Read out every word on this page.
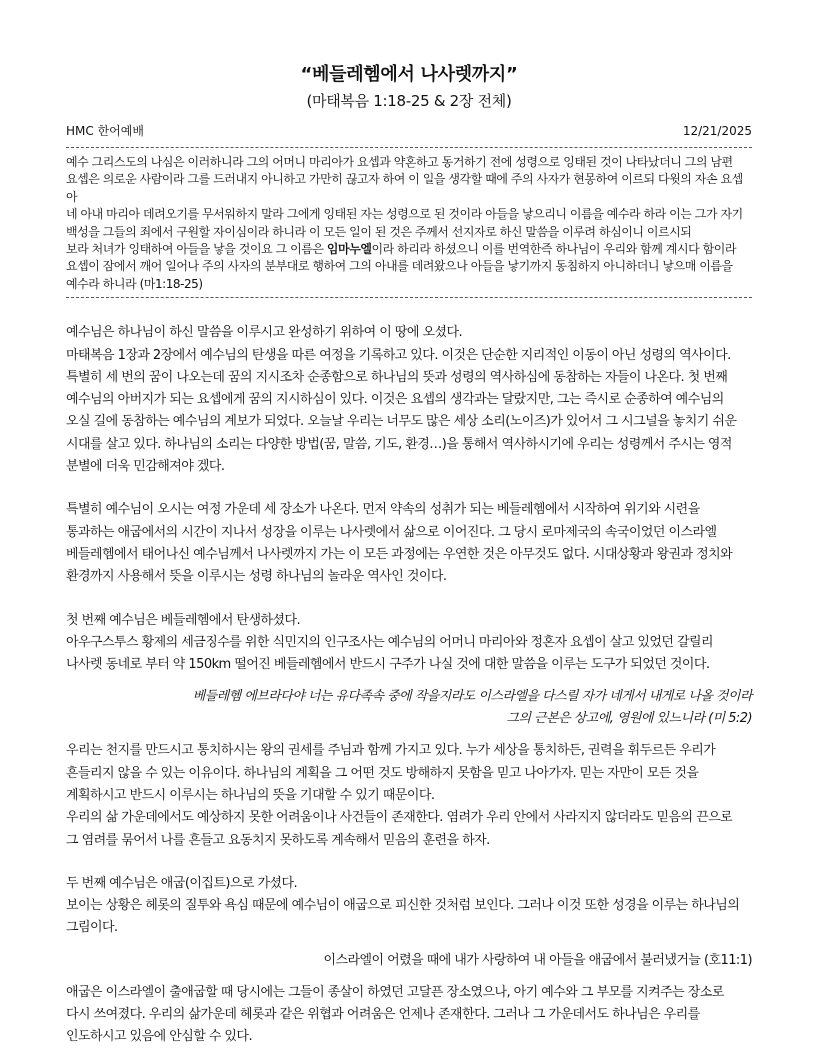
“베들레헴에서 나사렛까지”
(마태복음 1:18-25 & 2장 전체)
HMC 한어예배	12/21/2025
예수 그리스도의 나심은 이러하니라 그의 어머니 마리아가 요셉과 약혼하고 동거하기 전에 성령으로 잉태된 것이 나타났더니 그의 남편
요셉은 의로운 사람이라 그를 드러내지 아니하고 가만히 끊고자 하여 이 일을 생각할 때에 주의 사자가 현몽하여 이르되 다윗의 자손 요셉아
네 아내 마리아 데려오기를 무서워하지 말라 그에게 잉태된 자는 성령으로 된 것이라 아들을 낳으리니 이름을 예수라 하라 이는 그가 자기
백성을 그들의 죄에서 구원할 자이심이라 하니라 이 모든 일이 된 것은 주께서 선지자로 하신 말씀을 이루려 하심이니 이르시되
보라 처녀가 잉태하여 아들을 낳을 것이요 그 이름은 임마누엘이라 하리라 하셨으니 이를 번역한즉 하나님이 우리와 함께 계시다 함이라
요셉이 잠에서 깨어 일어나 주의 사자의 분부대로 행하여 그의 아내를 데려왔으나 아들을 낳기까지 동침하지 아니하더니 낳으매 이름을
예수라 하니라 (마1:18-25)
예수님은 하나님이 하신 말씀을 이루시고 완성하기 위하여 이 땅에 오셨다.
마태복음 1장과 2장에서 예수님의 탄생을 따른 여정을 기록하고 있다. 이것은 단순한 지리적인 이동이 아닌 성령의 역사이다.
특별히 세 번의 꿈이 나오는데 꿈의 지시조차 순종함으로 하나님의 뜻과 성령의 역사하심에 동참하는 자들이 나온다. 첫 번째
예수님의 아버지가 되는 요셉에게 꿈의 지시하심이 있다. 이것은 요셉의 생각과는 달랐지만, 그는 즉시로 순종하여 예수님의
오실 길에 동참하는 예수님의 계보가 되었다. 오늘날 우리는 너무도 많은 세상 소리(노이즈)가 있어서 그 시그널을 놓치기 쉬운
시대를 살고 있다. 하나님의 소리는 다양한 방법(꿈, 말씀, 기도, 환경…)을 통해서 역사하시기에 우리는 성령께서 주시는 영적
분별에 더욱 민감해져야 겠다.
특별히 예수님이 오시는 여정 가운데 세 장소가 나온다. 먼저 약속의 성취가 되는 베들레헴에서 시작하여 위기와 시련을
통과하는 애굽에서의 시간이 지나서 성장을 이루는 나사렛에서 삶으로 이어진다. 그 당시 로마제국의 속국이었던 이스라엘
베들레헴에서 태어나신 예수님께서 나사렛까지 가는 이 모든 과정에는 우연한 것은 아무것도 없다. 시대상황과 왕권과 정치와
환경까지 사용해서 뜻을 이루시는 성령 하나님의 놀라운 역사인 것이다.
첫 번째 예수님은 베들레헴에서 탄생하셨다.
아우구스투스 황제의 세금징수를 위한 식민지의 인구조사는 예수님의 어머니 마리아와 정혼자 요셉이 살고 있었던 갈릴리
나사렛 동네로 부터 약 150km 떨어진 베들레헴에서 반드시 구주가 나실 것에 대한 말씀을 이루는 도구가 되었던 것이다.
베들레헴 에브라다야 너는 유다족속 중에 작을지라도 이스라엘을 다스릴 자가 네게서 내게로 나올 것이라
그의 근본은 상고에, 영원에 있느니라 (미 5:2)
우리는 천지를 만드시고 통치하시는 왕의 권세를 주님과 함께 가지고 있다. 누가 세상을 통치하든, 권력을 휘두르든 우리가
흔들리지 않을 수 있는 이유이다. 하나님의 계획을 그 어떤 것도 방해하지 못함을 믿고 나아가자. 믿는 자만이 모든 것을
계획하시고 반드시 이루시는 하나님의 뜻을 기대할 수 있기 때문이다.
우리의 삶 가운데에서도 예상하지 못한 어려움이나 사건들이 존재한다. 염려가 우리 안에서 사라지지 않더라도 믿음의 끈으로
그 염려를 묶어서 나를 흔들고 요동치지 못하도록 계속해서 믿음의 훈련을 하자.
두 번째 예수님은 애굽(이집트)으로 가셨다.
보이는 상황은 헤롯의 질투와 욕심 때문에 예수님이 애굽으로 피신한 것처럼 보인다. 그러나 이것 또한 성경을 이루는 하나님의
그림이다.
이스라엘이 어렸을 때에 내가 사랑하여 내 아들을 애굽에서 불러냈거늘 (호11:1)
애굽은 이스라엘이 출애굽할 때 당시에는 그들이 종살이 하였던 고달픈 장소였으나, 아기 예수와 그 부모를 지켜주는 장소로
다시 쓰여졌다. 우리의 삶가운데 헤롯과 같은 위협과 어려움은 언제나 존재한다. 그러나 그 가운데서도 하나님은 우리를
인도하시고 있음에 안심할 수 있다.
